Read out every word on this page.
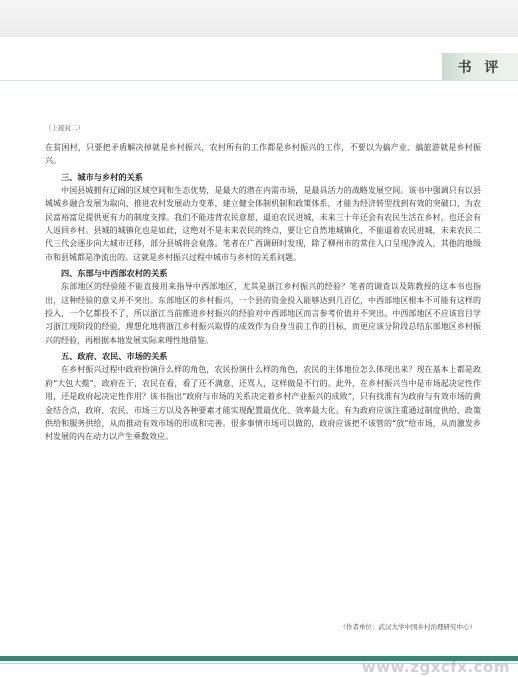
书 评
（上接封二）

在贫困村，只要把矛盾解决掉就是乡村振兴，农村所有的工作都是乡村振兴的工作，不要以为搞产业、搞旅游就是乡村振兴。

三、城市与乡村的关系

中国县城拥有辽阔的区域空间和生态优势，是最大的潜在内需市场，是最具活力的战略发展空间。该书中强调只有以县城城乡融合发展为取向，推进农村发展动力变革，建立健全体制机制和政策体系，才能为经济转型找到有效的突破口，为农民富裕富足提供更有力的制度支撑。我们不能违背农民意愿，逼迫农民进城，未来三十年还会有农民生活在乡村，也还会有人返回乡村。县城的城镇化也是如此，这绝对不是未来农民的终点，要让它自然地城镇化，不能逼着农民进城，未来农民二代三代会逐步向大城市迁移，部分县城将会衰落。笔者在广西调研时发现，除了柳州市的常住人口呈现净流入，其他的地级市和县城都是净流出的。这就是乡村振兴过程中城市与乡村的关系问题。

四、东部与中西部农村的关系

东部地区的经验能不能直接用来指导中西部地区，尤其是浙江乡村振兴的经验？笔者的调查以及陈教授的这本书也指出，这种经验的意义并不突出。东部地区的乡村振兴，一个县的资金投入能够达到几百亿，中西部地区根本不可能有这样的投入，一个亿都投不了，所以浙江当前推进乡村振兴的经验对中西部地区而言参考价值并不突出。中西部地区不应该盲目学习浙江现阶段的经验，理想化地将浙江乡村振兴取得的成效作为自身当前工作的目标，而更应该分阶段总结东部地区乡村振兴的经验，再根据本地发展实际来理性地借鉴。

五、政府、农民、市场的关系

在乡村振兴过程中政府扮演什么样的角色，农民扮演什么样的角色，农民的主体地位怎么体现出来？现在基本上都是政府“大包大揽”，政府在干，农民在看，看了还不满意，还骂人，这样做是不行的。此外，在乡村振兴当中是市场起决定性作用，还是政府起决定性作用？该书指出“政府与市场的关系决定着乡村产业振兴的成败”，只有找准有为政府与有效市场的黄金结合点，政府，农民，市场三方以及各种要素才能实现配置最优化、效率最大化。有为政府应该注重通过制度供给、政策供给和服务供给，从而推动有效市场的形成和完善。很多事情市场可以做的，政府应该把不该管的“放”给市场，从而激发乡村发展的内在动力以产生乘数效应。

（作者单位：武汉大学中国乡村治理研究中心）
www.zgxcfx.com
